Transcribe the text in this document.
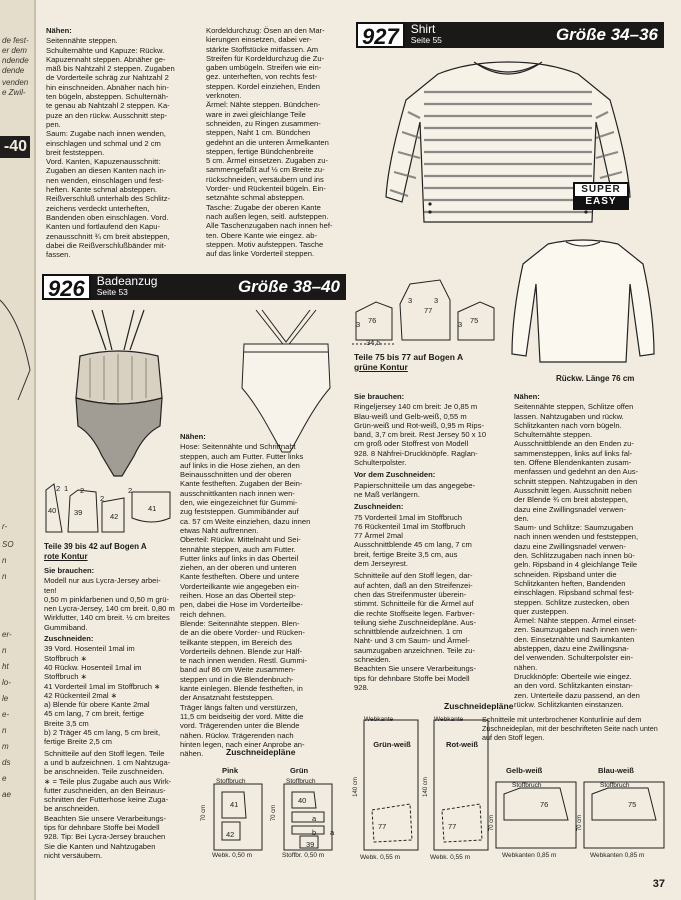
de fest-
er dem
ndende
dende
venden
e Zwil-
-40
r-
SO
n
n
er-
n
ht
lo-
le
e-
n
m
ds
e
ae

Nähen:

Seitennähte steppen.
Schulternähte und Kapuze: Rückw.
Kapuzennaht steppen. Abnäher ge-
mäß bis Nahtzahl 2 steppen. Zugaben
de Vorderteile schräg zur Nahtzahl 2
hin einschneiden. Abnäher nach hin-
ten bügeln, absteppen. Schulternäh-
te genau ab Nahtzahl 2 steppen. Ka-
puze an den rückw. Ausschnitt step-
pen.
Saum: Zugabe nach innen wenden,
einschlagen und schmal und 2 cm
breit feststeppen.
Vord. Kanten, Kapuzenausschnitt:
Zugaben an diesen Kanten nach in-
nen wenden, einschlagen und fest-
heften. Kante schmal absteppen.
Reißverschluß unterhalb des Schlitz-
zeichens verdeckt unterheften,
Bandenden oben einschlagen. Vord.
Kanten und fortlaufend den Kapu-
zenausschnitt ¾ cm breit absteppen,
dabei die Reißverschlußbänder mit-
fassen.
Kordeldurchzug: Ösen an den Mar-
kierungen einsetzen, dabei ver-
stärkte Stoffstücke mitfassen. Am
Streifen für Kordeldurchzug die Zu-
gaben umbügeln. Streifen wie ein-
gez. unterheften, von rechts fest-
steppen. Kordel einziehen, Enden
verknoten.
Ärmel: Nähte steppen. Bündchen-
ware in zwei gleichlange Teile
schneiden, zu Ringen zusammen-
steppen, Naht 1 cm. Bündchen
gedehnt an die unteren Ärmelkanten
steppen, fertige Bündchenbreite
5 cm. Ärmel einsetzen. Zugaben zu-
sammengefaßt auf ½ cm Breite zu-
rückschneiden, versäubern und ins
Vorder- und Rückenteil bügeln. Ein-
setznähte schmal absteppen.
Tasche: Zugabe der oberen Kante
nach außen legen, seitl. aufsteppen.
Alle Taschenzugaben nach innen hef-
ten. Obere Kante wie eingez. ab-
steppen. Motiv aufsteppen. Tasche
auf das linke Vorderteil steppen.
927	Shirt
Seite 55	Größe 34–36
SUPER
EASY
Rückw. Länge 76 cm
76
77
75
34,5
3
3	3
3
Teile 75 bis 77 auf Bogen A
grüne Kontur
926	Badeanzug
Seite 53	Größe 38–40
40 39	42
41
2	2
2
2
1
Teile 39 bis 42 auf Bogen A
rote Kontur

Sie brauchen:

Modell nur aus Lycra-Jersey arbei-
ten!
0,50 m pinkfarbenen und 0,50 m grü-
nen Lycra-Jersey, 140 cm breit. 0,80 m
Wirkfutter, 140 cm breit. ½ cm breites
Gummiband.

Zuschneiden:

39 Vord. Hosenteil 1mal im
Stoffbruch ∗
40 Rückw. Hosenteil 1mal im
Stoffbruch ∗
41 Vorderteil 1mal im Stoffbruch ∗
42 Rückenteil 2mal ∗
a) Blende für obere Kante 2mal
45 cm lang, 7 cm breit, fertige
Breite 3,5 cm
b) 2 Träger 45 cm lang, 5 cm breit,
fertige Breite 2,5 cm
Schnitteile auf den Stoff legen. Teile
a und b aufzeichnen. 1 cm Nahtzuga-
be anschneiden. Teile zuschneiden.
∗ = Teile plus Zugabe auch aus Wirk-
futter zuschneiden, an den Beinaus-
schnitten der Futterhose keine Zuga-
be anschneiden.
Beachten Sie unsere Verarbeitungs-
tips für dehnbare Stoffe bei Modell
928. Tip: Bei Lycra-Jersey brauchen
Sie die Kanten und Nahtzugaben
nicht versäubern.

Nähen:

Hose: Seitennähte und Schrittnaht
steppen, auch am Futter. Futter links
auf links in die Hose ziehen, an den
Beinausschnitten und der oberen
Kante festheften. Zugaben der Bein-
ausschnittkanten nach innen wen-
den, wie eingezeichnet für Gummi-
zug feststeppen. Gummibänder auf
ca. 57 cm Weite einziehen, dazu innen
etwas Naht auftrennen.
Oberteil: Rückw. Mittelnaht und Sei-
tennähte steppen, auch am Futter.
Futter links auf links in das Oberteil
ziehen, an der oberen und unteren
Kante festheften. Obere und untere
Vorderteilkante wie angegeben ein-
reihen. Hose an das Oberteil step-
pen, dabei die Hose im Vorderteilbe-
reich dehnen.
Blende: Seitennähte steppen. Blen-
de an die obere Vorder- und Rücken-
teilkante steppen, im Bereich des
Vorderteils dehnen. Blende zur Hälf-
te nach innen wenden. Restl. Gummi-
band auf 86 cm Weite zusammen-
steppen und in die Blendenbruch-
kante einlegen. Blende festheften, in
der Ansatznaht feststeppen.
Träger längs falten und verstürzen,
11,5 cm beidseitig der vord. Mitte die
vord. Trägerenden unter die Blende
nähen. Rückw. Trägerenden nach
hinten legen, nach einer Anprobe an-
nähen.	Zuschneidepläne
Pink	Grün
Stoffbruch	Stoffbruch
41
42
40
a
b a
39
70 cm	70 cm
Webk. 0,50 m	Stoffbr. 0,50 m

Sie brauchen:

Ringeljersey 140 cm breit: Je 0,85 m
Blau-weiß und Gelb-weiß, 0,55 m
Grün-weiß und Rot-weiß, 0,95 m Rips-
band, 3,7 cm breit. Rest Jersey 50 x 10
cm groß oder Stoffrest von Modell
928. 8 Nähfrei-Druckknöpfe. Raglan-
Schulterpolster.

Vor dem Zuschneiden:

Papierschnitteile um das angegebe-
ne Maß verlängern.

Zuschneiden:

75 Vorderteil 1mal im Stoffbruch
76 Rückenteil 1mal im Stoffbruch
77 Ärmel 2mal
Ausschnittblende 45 cm lang, 7 cm
breit, fertige Breite 3,5 cm, aus
dem Jerseyrest.
Schnitteile auf den Stoff legen, dar-
auf achten, daß an den Streifenzei-
chen das Streifenmuster überein-
stimmt. Schnitteile für die Ärmel auf
die rechte Stoffseite legen. Farbver-
teilung siehe Zuschneidepläne. Aus-
schnittblende aufzeichnen. 1 cm
Naht- und 3 cm Saum- und Ärmel-
saumzugaben anzeichnen. Teile zu-
schneiden.
Beachten Sie unsere Verarbeitungs-
tips für dehnbare Stoffe bei Modell
928.

Nähen:

Seitennähte steppen, Schlitze offen
lassen. Nahtzugaben und rückw.
Schlitzkanten nach vorn bügeln.
Schulternähte steppen.
Ausschnittblende an den Enden zu-
sammensteppen, links auf links fal-
ten. Offene Blendenkanten zusam-
menfassen und gedehnt an den Aus-
schnitt steppen. Nahtzugaben in den
Ausschnitt legen. Ausschnitt neben
der Blende ¾ cm breit absteppen,
dazu eine Zwillingsnadel verwen-
den.
Saum- und Schlitze: Saumzugaben
nach innen wenden und feststeppen,
dazu eine Zwillingsnadel verwen-
den. Schlitzzugaben nach innen bü-
geln. Ripsband in 4 gleichlange Teile
schneiden. Ripsband unter die
Schlitzkanten heften, Bandenden
einschlagen. Ripsband schmal fest-
steppen. Schlitze zustecken, oben
quer zusteppen.
Ärmel: Nähte steppen. Ärmel einset-
zen. Saumzugaben nach innen wen-
den. Einsetznähte und Saumkanten
absteppen, dazu eine Zwillingsna-
del verwenden. Schulterpolster ein-
nähen.
Druckknöpfe: Oberteile wie eingez.
an den vord. Schlitzkanten einstan-
zen. Unterteile dazu passend, an den
rückw. Schlitzkanten einstanzen.
Zuschneidepläne
Schnitteile mit unterbrochener Konturlinie auf dem Zuschneideplan, mit der beschrifteten Seite nach unten auf den Stoff legen.
Webkante	Webkante
140 cm	140 cm
77	77
Webk. 0,55 m	Webk. 0,55 m
Grün-weiß	Rot-weiß
Gelb-weiß	Blau-weiß
Stoffbruch	Stoffbruch
76	75
70 cm	70 cm
Webkanten 0,85 m	Webkanten 0,85 m
37
